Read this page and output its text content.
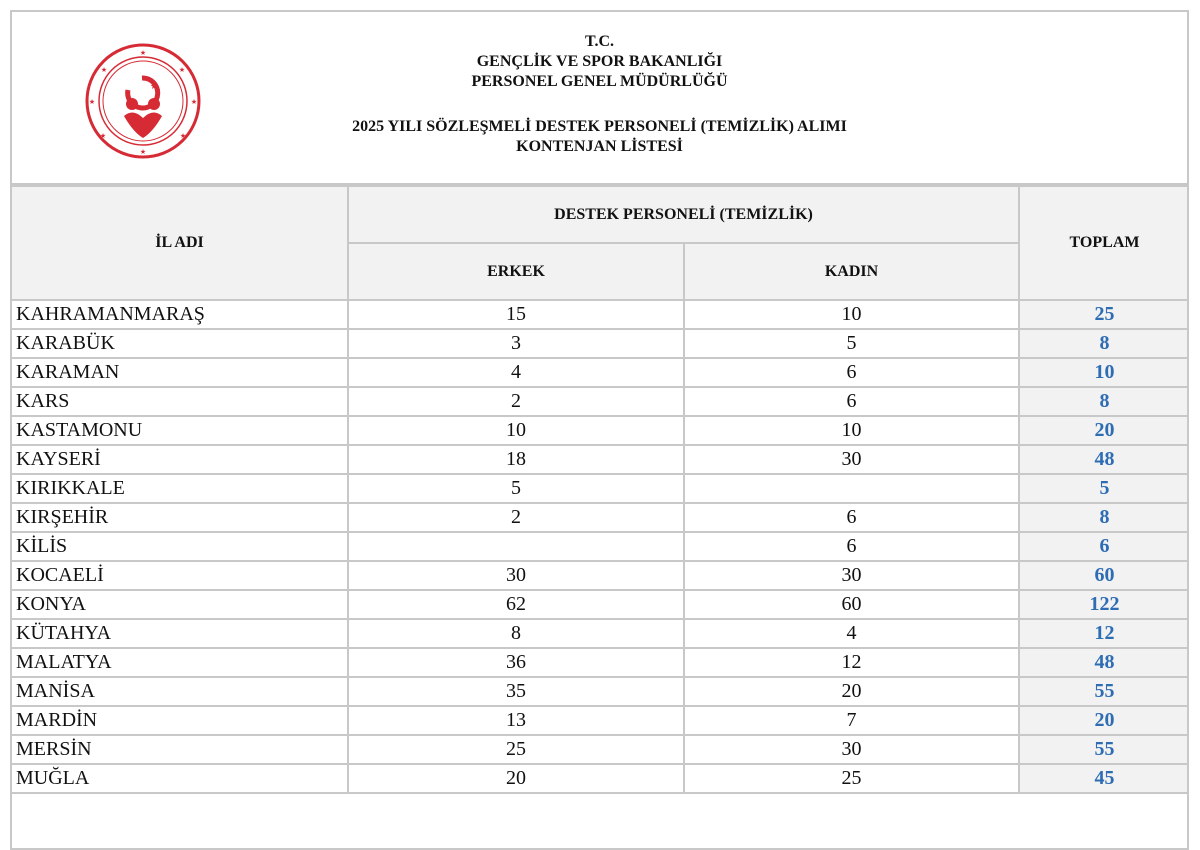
★
★
★
★
★
★
★
★
★
T.C.
GENÇLİK VE SPOR BAKANLIĞI
PERSONEL GENEL MÜDÜRLÜĞÜ
2025 YILI SÖZLEŞMELİ DESTEK PERSONELİ (TEMİZLİK) ALIMI
KONTENJAN LİSTESİ
İL ADI	DESTEK PERSONELİ (TEMİZLİK)		TOPLAM
	ERKEK	KADIN	
KAHRAMANMARAŞ	15	10	25
KARABÜK	3	5	8
KARAMAN	4	6	10
KARS	2	6	8
KASTAMONU	10	10	20
KAYSERİ	18	30	48
KIRIKKALE	5		5
KIRŞEHİR	2	6	8
KİLİS		6	6
KOCAELİ	30	30	60
KONYA	62	60	122
KÜTAHYA	8	4	12
MALATYA	36	12	48
MANİSA	35	20	55
MARDİN	13	7	20
MERSİN	25	30	55
MUĞLA	20	25	45
